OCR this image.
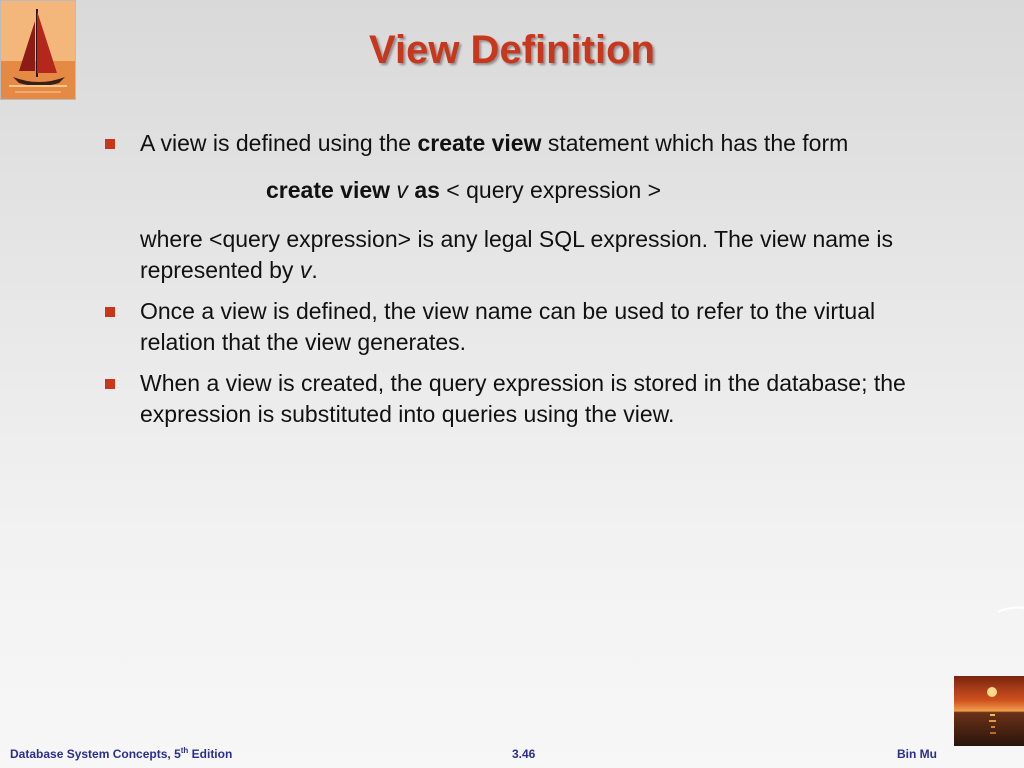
View Definition
A view is defined using the create view statement which has the form
create view v as < query expression >
where <query expression> is any legal SQL expression. The view name is represented by v.
Once a view is defined, the view name can be used to refer to the virtual relation that the view generates.
When a view is created, the query expression is stored in the database; the expression is substituted into queries using the view.
Database System Concepts, 5th Edition	3.46	Bin Mu
